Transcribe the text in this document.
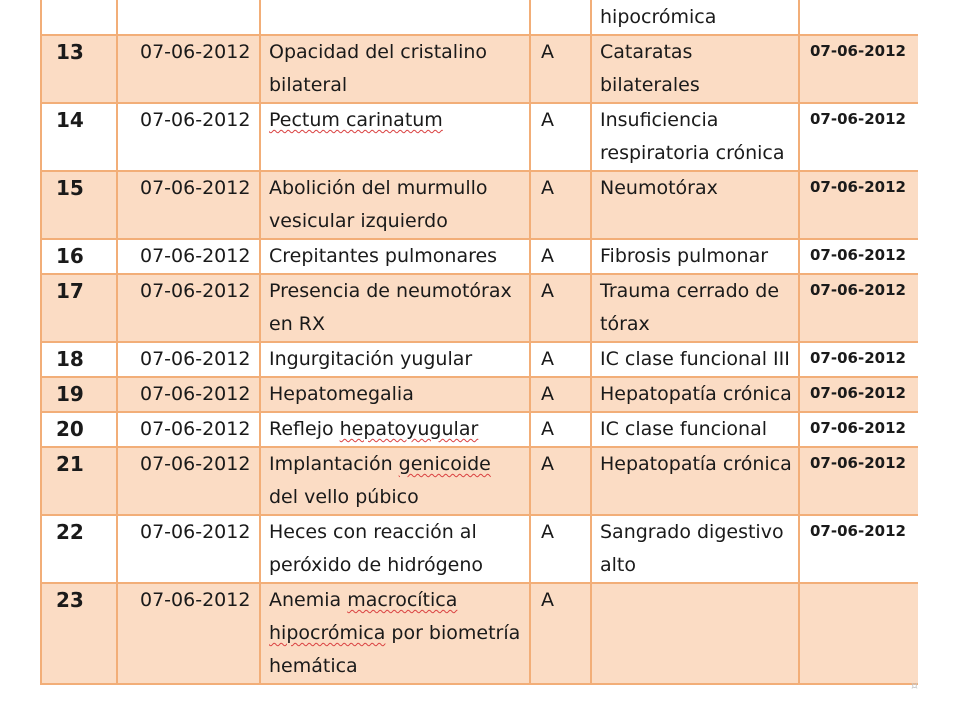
				hipocrómica	
13	07-06-2012	Opacidad del cristalino bilateral	A	Cataratas bilaterales	07-06-2012
14	07-06-2012	Pectum carinatum	A	Insuficiencia respiratoria crónica	07-06-2012
15	07-06-2012	Abolición del murmullo vesicular izquierdo	A	Neumotórax	07-06-2012
16	07-06-2012	Crepitantes pulmonares	A	Fibrosis pulmonar	07-06-2012
17	07-06-2012	Presencia de neumotórax en RX	A	Trauma cerrado de tórax	07-06-2012
18	07-06-2012	Ingurgitación yugular	A	IC clase funcional III	07-06-2012
19	07-06-2012	Hepatomegalia	A	Hepatopatía crónica	07-06-2012
20	07-06-2012	Reflejo hepatoyugular	A	IC clase funcional	07-06-2012
21	07-06-2012	Implantación genicoide del vello púbico	A	Hepatopatía crónica	07-06-2012
22	07-06-2012	Heces con reacción al peróxido de hidrógeno	A	Sangrado digestivo alto	07-06-2012
23	07-06-2012	Anemia macrocítica hipocrómica por biometría hemática	A		
¤
